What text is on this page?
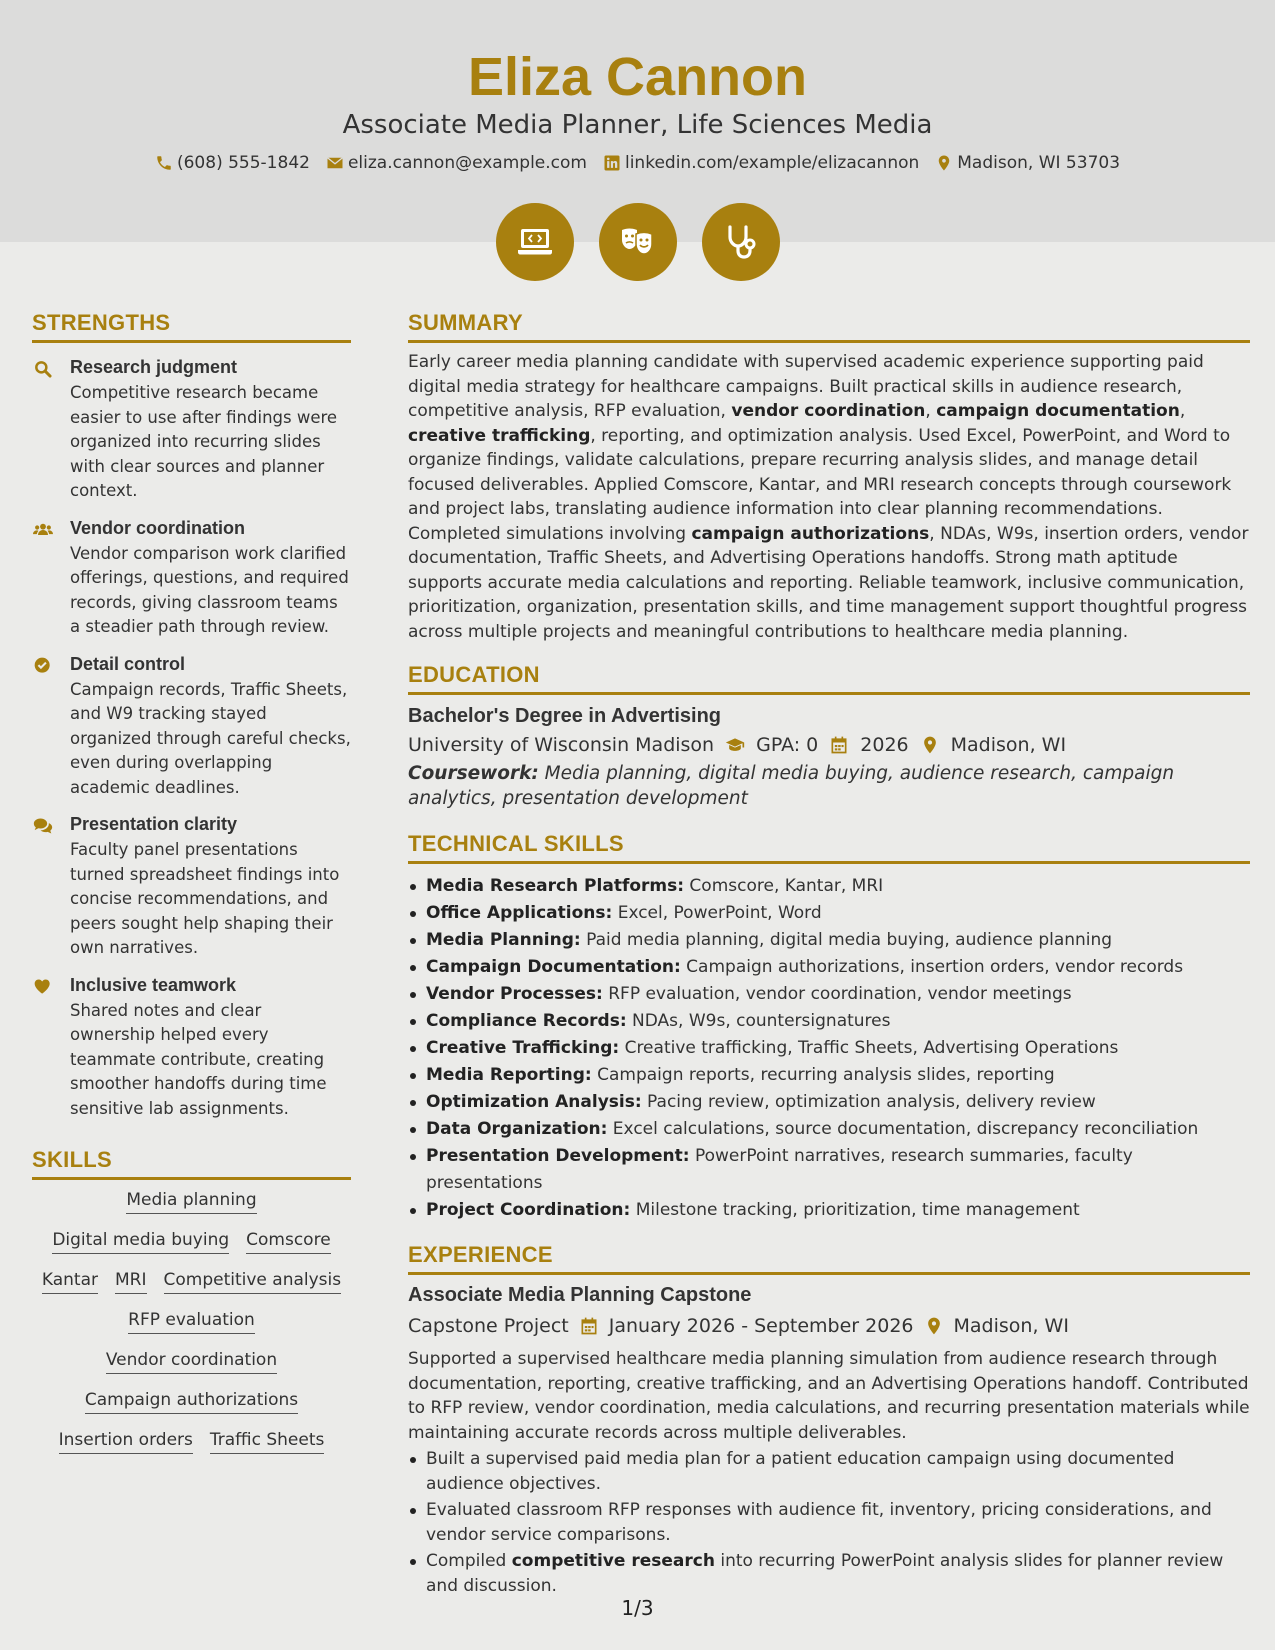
Eliza Cannon
Associate Media Planner, Life Sciences Media
(608) 555-1842 eliza.cannon@example.com linkedin.com/example/elizacannon Madison, WI 53703
STRENGTHS
Research judgment
Competitive research became easier to use after findings were organized into recurring slides with clear sources and planner context.
Vendor coordination
Vendor comparison work clarified offerings, questions, and required records, giving classroom teams a steadier path through review.
Detail control
Campaign records, Traffic Sheets, and W9 tracking stayed organized through careful checks, even during overlapping academic deadlines.
Presentation clarity
Faculty panel presentations turned spreadsheet findings into concise recommendations, and peers sought help shaping their own narratives.
Inclusive teamwork
Shared notes and clear ownership helped every teammate contribute, creating smoother handoffs during time sensitive lab assignments.
SKILLS
Media planning
Digital media buying Comscore
Kantar MRI Competitive analysis
RFP evaluation
Vendor coordination
Campaign authorizations
Insertion orders Traffic Sheets
SUMMARY
Early career media planning candidate with supervised academic experience supporting paid digital media strategy for healthcare campaigns. Built practical skills in audience research, competitive analysis, RFP evaluation, vendor coordination, campaign documentation, creative trafficking, reporting, and optimization analysis. Used Excel, PowerPoint, and Word to organize findings, validate calculations, prepare recurring analysis slides, and manage detail focused deliverables. Applied Comscore, Kantar, and MRI research concepts through coursework and project labs, translating audience information into clear planning recommendations. Completed simulations involving campaign authorizations, NDAs, W9s, insertion orders, vendor documentation, Traffic Sheets, and Advertising Operations handoffs. Strong math aptitude supports accurate media calculations and reporting. Reliable teamwork, inclusive communication, prioritization, organization, presentation skills, and time management support thoughtful progress across multiple projects and meaningful contributions to healthcare media planning.
EDUCATION
Bachelor's Degree in Advertising
University of Wisconsin Madison GPA: 0 2026 Madison, WI
Coursework: Media planning, digital media buying, audience research, campaign analytics, presentation development
TECHNICAL SKILLS
Media Research Platforms: Comscore, Kantar, MRI
Office Applications: Excel, PowerPoint, Word
Media Planning: Paid media planning, digital media buying, audience planning
Campaign Documentation: Campaign authorizations, insertion orders, vendor records
Vendor Processes: RFP evaluation, vendor coordination, vendor meetings
Compliance Records: NDAs, W9s, countersignatures
Creative Trafficking: Creative trafficking, Traffic Sheets, Advertising Operations
Media Reporting: Campaign reports, recurring analysis slides, reporting
Optimization Analysis: Pacing review, optimization analysis, delivery review
Data Organization: Excel calculations, source documentation, discrepancy reconciliation
Presentation Development: PowerPoint narratives, research summaries, faculty presentations
Project Coordination: Milestone tracking, prioritization, time management
EXPERIENCE
Associate Media Planning Capstone
Capstone Project January 2026 - September 2026 Madison, WI
Supported a supervised healthcare media planning simulation from audience research through documentation, reporting, creative trafficking, and an Advertising Operations handoff. Contributed to RFP review, vendor coordination, media calculations, and recurring presentation materials while maintaining accurate records across multiple deliverables.
Built a supervised paid media plan for a patient education campaign using documented audience objectives.
Evaluated classroom RFP responses with audience fit, inventory, pricing considerations, and vendor service comparisons.
Compiled competitive research into recurring PowerPoint analysis slides for planner review and discussion.
1/3
